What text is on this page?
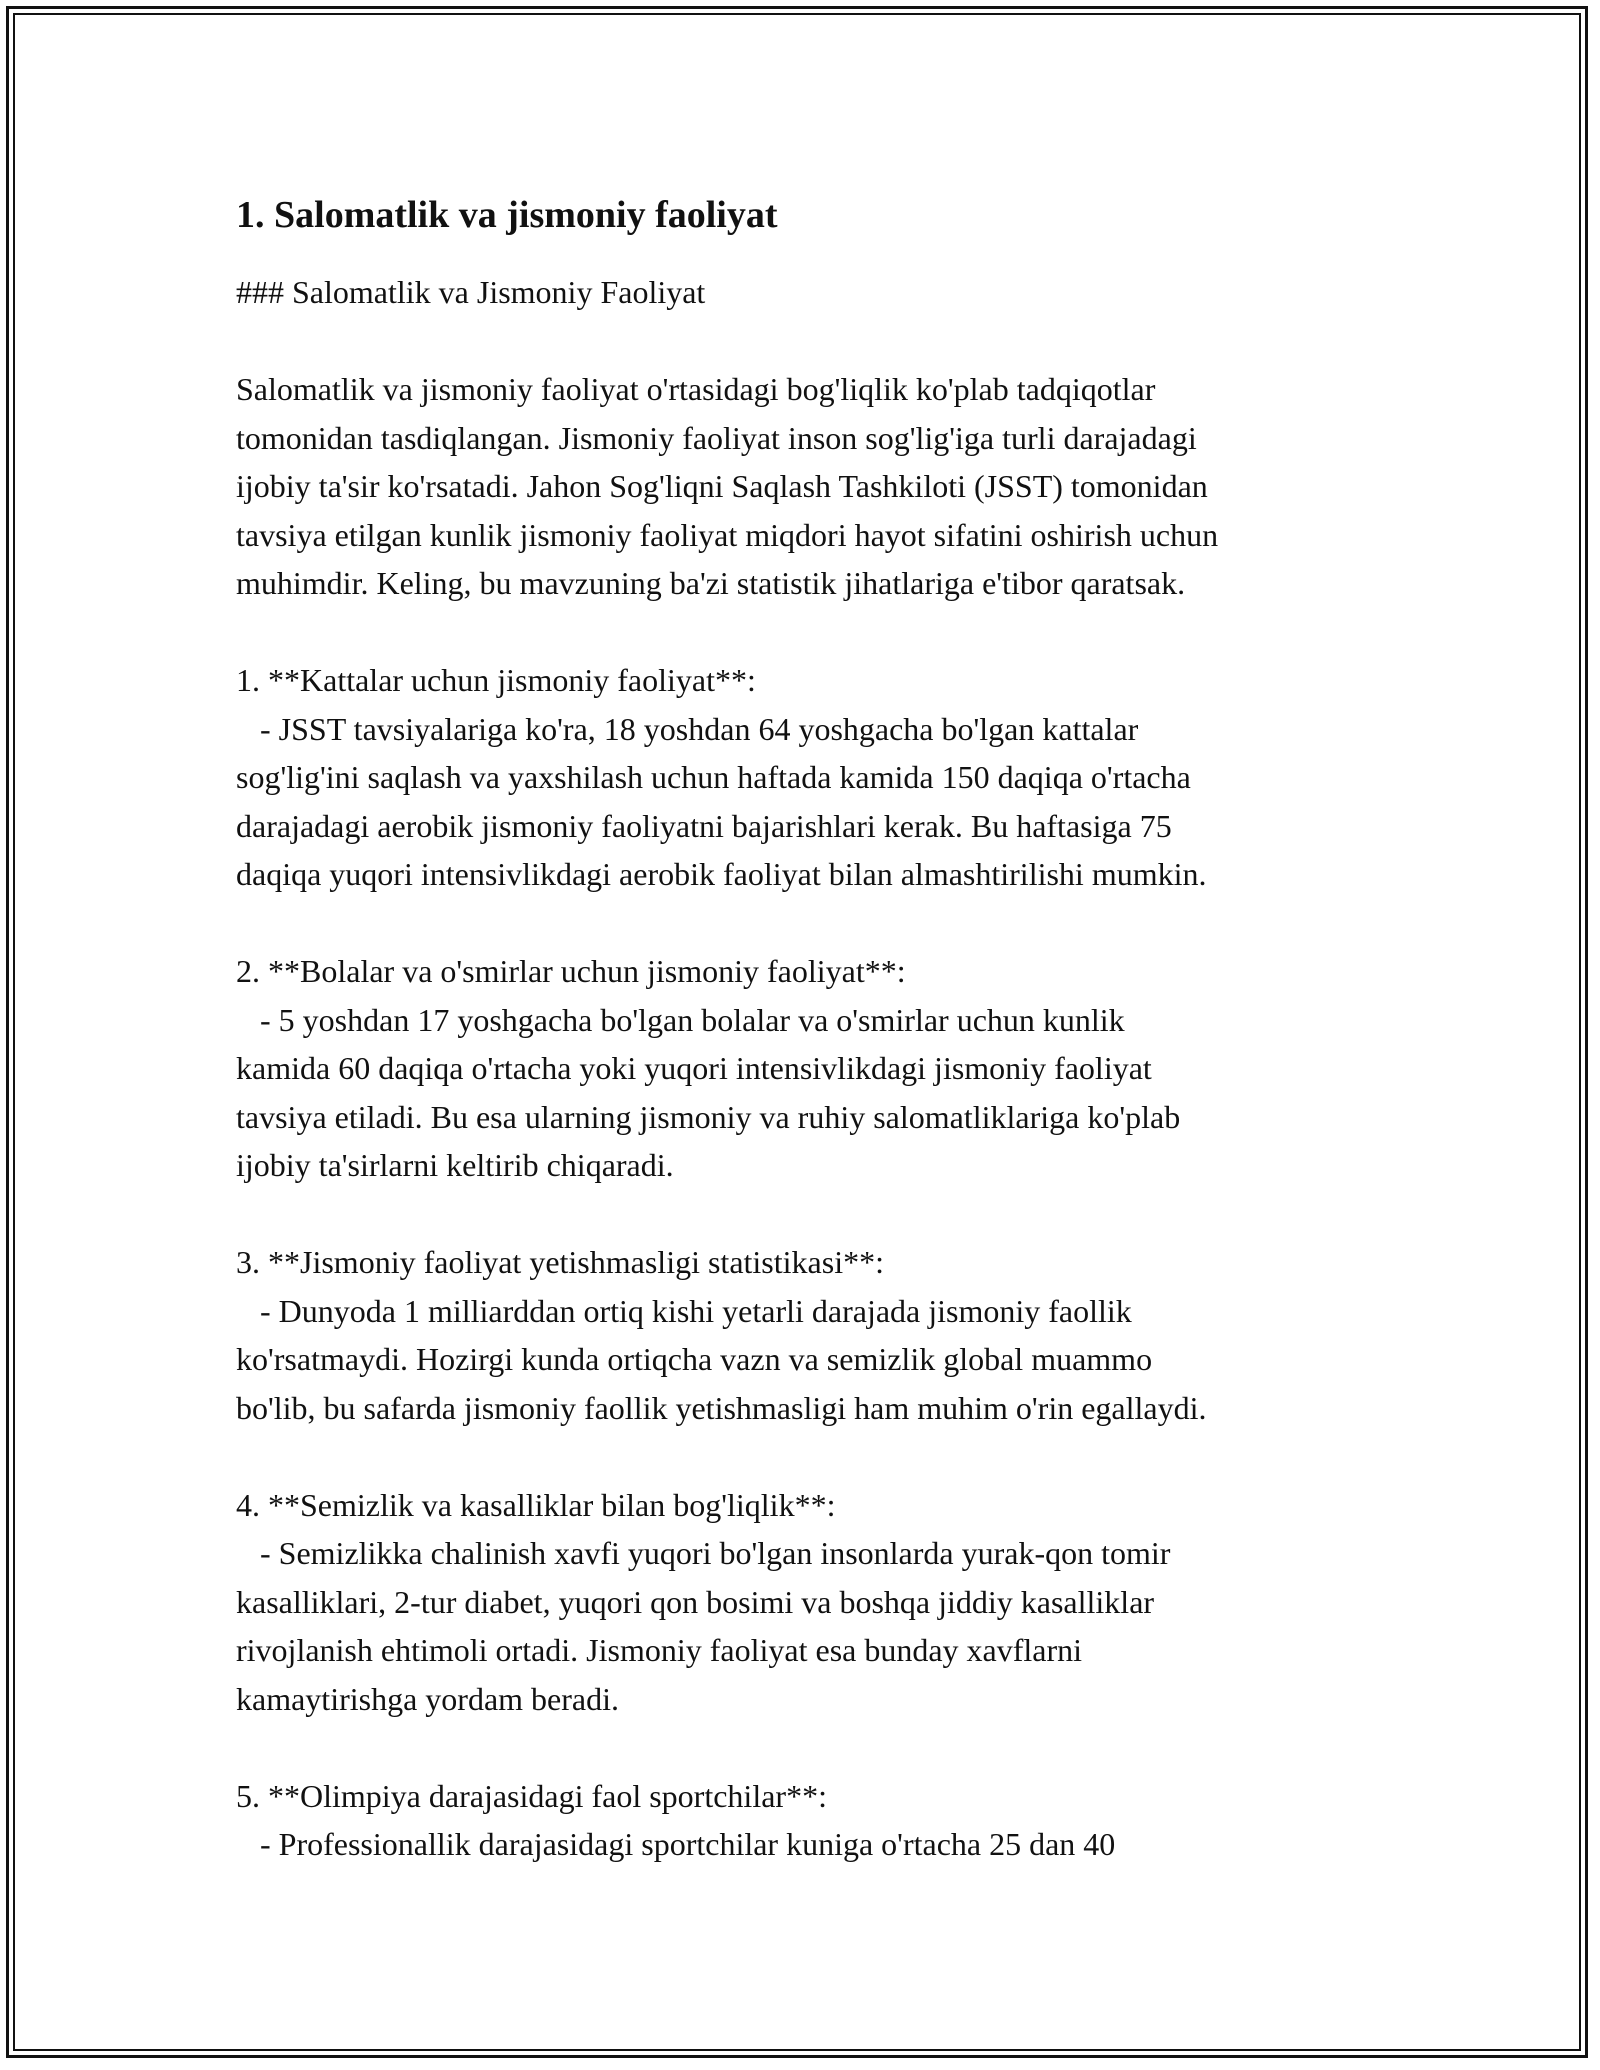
1. Salomatlik va jismoniy faoliyat

### Salomatlik va Jismoniy Faoliyat

Salomatlik va jismoniy faoliyat o'rtasidagi bog'liqlik ko'plab tadqiqotlar

tomonidan tasdiqlangan. Jismoniy faoliyat inson sog'lig'iga turli darajadagi

ijobiy ta'sir ko'rsatadi. Jahon Sog'liqni Saqlash Tashkiloti (JSST) tomonidan

tavsiya etilgan kunlik jismoniy faoliyat miqdori hayot sifatini oshirish uchun

muhimdir. Keling, bu mavzuning ba'zi statistik jihatlariga e'tibor qaratsak.

1. **Kattalar uchun jismoniy faoliyat**:

- JSST tavsiyalariga ko'ra, 18 yoshdan 64 yoshgacha bo'lgan kattalar

sog'lig'ini saqlash va yaxshilash uchun haftada kamida 150 daqiqa o'rtacha

darajadagi aerobik jismoniy faoliyatni bajarishlari kerak. Bu haftasiga 75

daqiqa yuqori intensivlikdagi aerobik faoliyat bilan almashtirilishi mumkin.

2. **Bolalar va o'smirlar uchun jismoniy faoliyat**:

- 5 yoshdan 17 yoshgacha bo'lgan bolalar va o'smirlar uchun kunlik

kamida 60 daqiqa o'rtacha yoki yuqori intensivlikdagi jismoniy faoliyat

tavsiya etiladi. Bu esa ularning jismoniy va ruhiy salomatliklariga ko'plab

ijobiy ta'sirlarni keltirib chiqaradi.

3. **Jismoniy faoliyat yetishmasligi statistikasi**:

- Dunyoda 1 milliarddan ortiq kishi yetarli darajada jismoniy faollik

ko'rsatmaydi. Hozirgi kunda ortiqcha vazn va semizlik global muammo

bo'lib, bu safarda jismoniy faollik yetishmasligi ham muhim o'rin egallaydi.

4. **Semizlik va kasalliklar bilan bog'liqlik**:

- Semizlikka chalinish xavfi yuqori bo'lgan insonlarda yurak-qon tomir

kasalliklari, 2-tur diabet, yuqori qon bosimi va boshqa jiddiy kasalliklar

rivojlanish ehtimoli ortadi. Jismoniy faoliyat esa bunday xavflarni

kamaytirishga yordam beradi.

5. **Olimpiya darajasidagi faol sportchilar**:

- Professionallik darajasidagi sportchilar kuniga o'rtacha 25 dan 40
